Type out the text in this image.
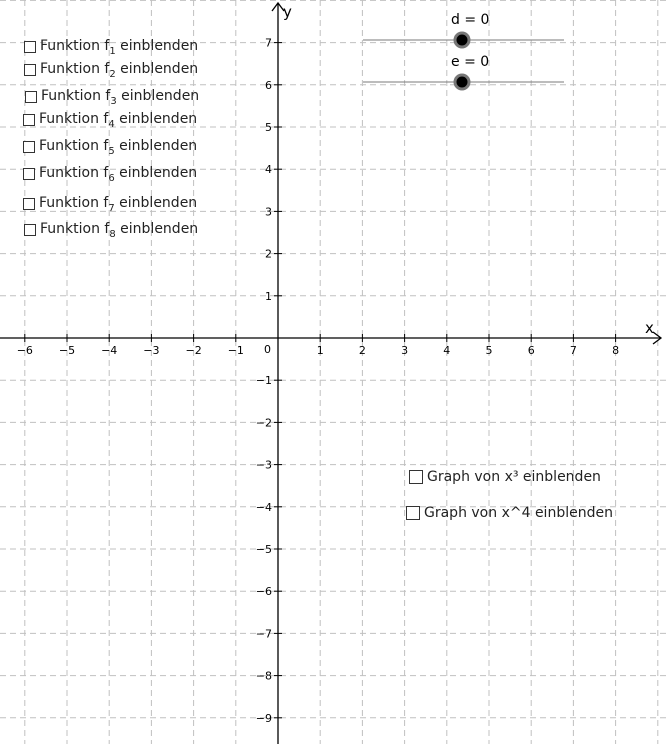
x
y
0
−6 −5 −4 −3 −2 −1	1	2	3	4	5	6	7	8
1
2
3
4
5
6
7
−1
−2
−3
−4
−5
−6
−7
−8
−9
d = 0
e = 0
Funktion $f_1$ einblenden
Funktion $f_2$ einblenden
Funktion $f_3$ einblenden
Funktion $f_4$ einblenden
Funktion $f_5$ einblenden
Funktion $f_6$ einblenden
Funktion $f_7$ einblenden
Funktion $f_8$ einblenden
Graph von x³ einblenden
Graph von x^4 einblenden
